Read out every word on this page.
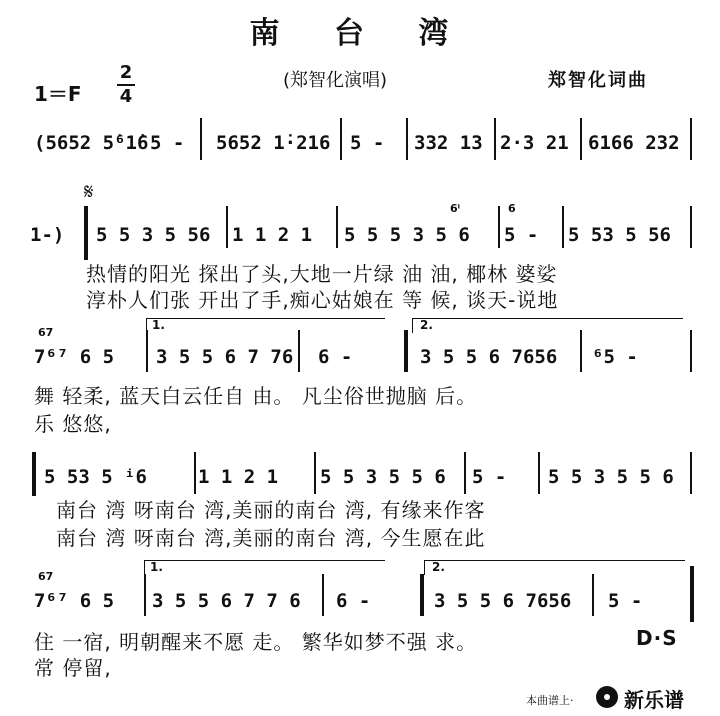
南 台 湾
1＝F
2
4
(郑智化演唱)	郑智化词曲
(5652 5̇⁶1̇6 5 - 5652 1̇·216 5 - 332 13 2·3 21 6166 232
𝄋
6ⁱ	6̇
1-) 5 5 3 5 56 1 1 2 1 5 5 5 3 5 6 5 - 5 53 5 56
热情的阳光 探出了头,大地一片绿 油 油, 椰林 婆娑
淳朴人们张 开出了手,痴心姑娘在 等 候, 谈天-说地
1.	2.
67
7⁶⁷ 6 5 3 5 5 6 7 76 6 -	3 5 5 6 7656 ⁶5 -
舞 轻柔, 蓝天白云任自 由。 凡尘俗世抛脑 后。
乐 悠悠,
5 53 5 ⁱ6	1 1 2 1 5 5 3 5 5 6 5 - 5 5 3 5 5 6
南台 湾 呀南台 湾,美丽的南台 湾, 有缘来作客
南台 湾 呀南台 湾,美丽的南台 湾, 今生愿在此
1.	2.
67
7⁶⁷ 6 5 3 5 5 6 7 7 6 6 -	3 5 5 6 7656 5 -
住 一宿, 明朝醒来不愿 走。 繁华如梦不强 求。	D·S
常 停留,
本曲谱上·	新乐谱
